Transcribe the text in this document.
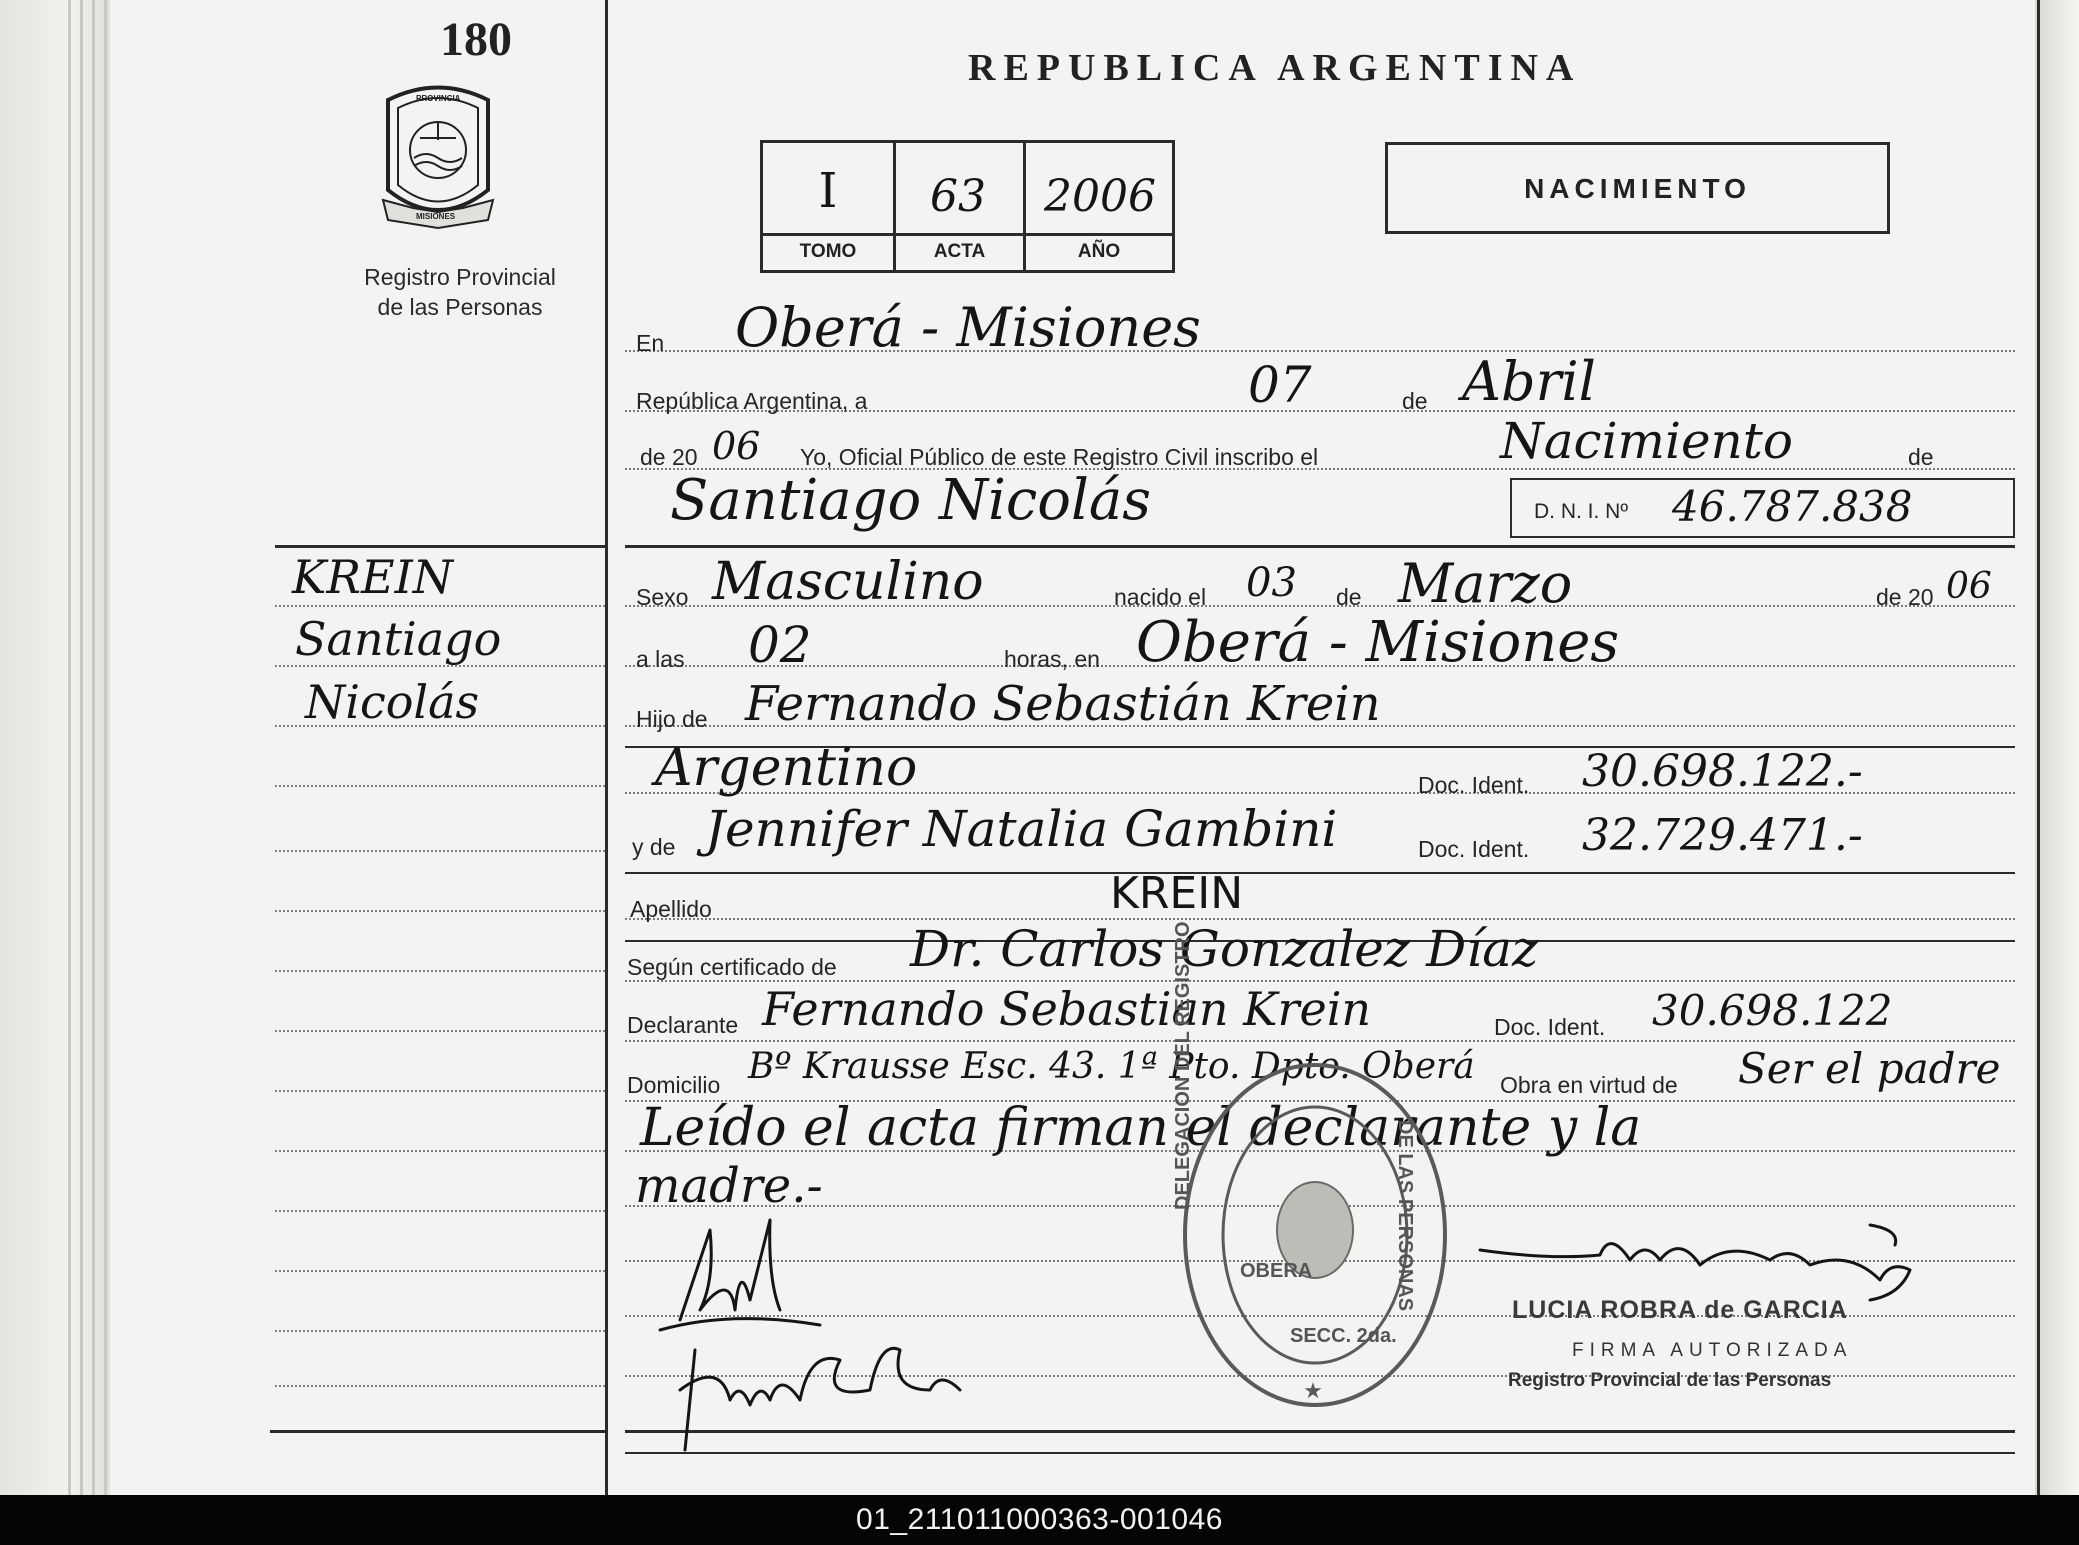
180
PROVINCIA
MISIONES
Registro Provincial
de las Personas
KREIN
Santiago
Nicolás
REPUBLICA ARGENTINA
I	63	2006
TOMO	ACTA	AÑO
NACIMIENTO
En Oberá - Misiones
República Argentina, a	07	de Abril
de 20 06 Yo, Oficial Público de este Registro Civil inscribo el	Nacimiento	de
Santiago Nicolás	D. N. I. Nº 46.787.838
Sexo Masculino	nacido el 03 de Marzo	de 20 06
a las 02	horas, en Oberá - Misiones
Hijo de Fernando Sebastián Krein
Argentino	Doc. Ident. 30.698.122.-
y de Jennifer Natalia Gambini	Doc. Ident. 32.729.471.-
Apellido	KREIN
Según certificado de Dr. Carlos Gonzalez Díaz
Declarante Fernando Sebastian Krein	Doc. Ident. 30.698.122
Domicilio Bº Krausse Esc. 43. 1ª Pto. Dpto. Oberá Obra en virtud de Ser el padre
Leído el acta firman el declarante y la
madre.-
★
DELEGACION DEL REGISTRO
DE LAS PERSONAS
OBERA
SECC. 2da.
LUCIA ROBRA de GARCIA
FIRMA AUTORIZADA
Registro Provincial de las Personas
01_211011000363-001046
